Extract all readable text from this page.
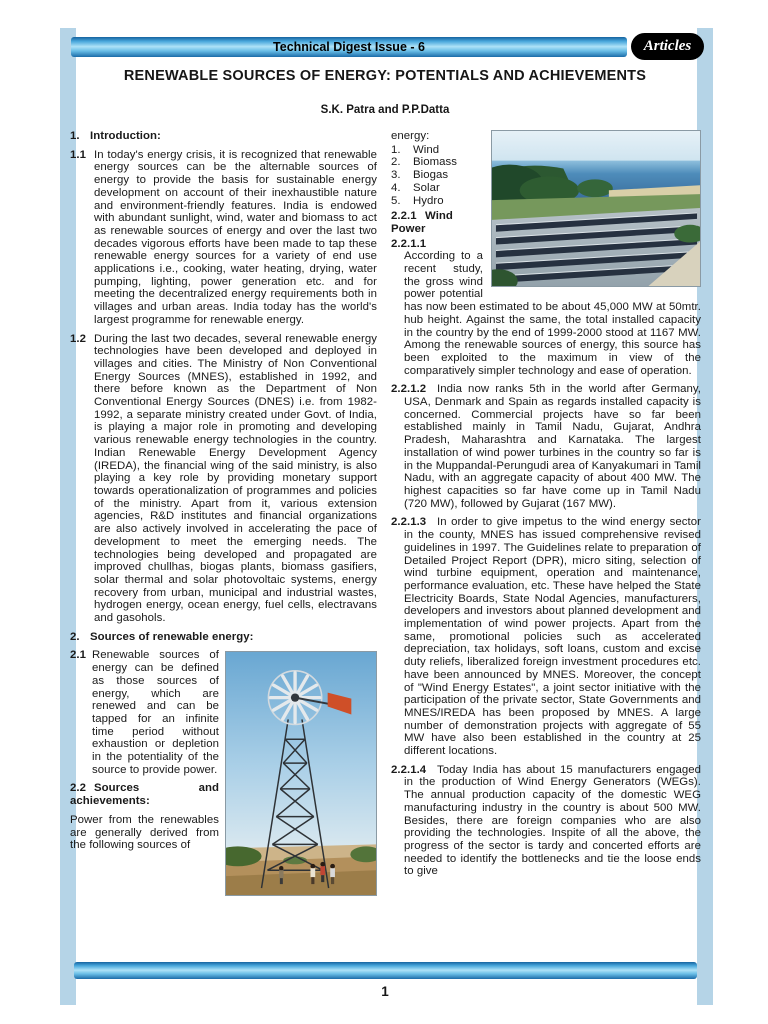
Technical Digest Issue - 6	Articles
RENEWABLE SOURCES OF ENERGY: POTENTIALS AND ACHIEVEMENTS
S.K. Patra and P.P.Datta

1. Introduction:

1.1 In today's energy crisis, it is recognized that renewable energy sources can be the alternable sources of energy to provide the basis for sustainable energy development on account of their inexhaustible nature and environment-friendly features. India is endowed with abundant sunlight, wind, water and biomass to act as renewable sources of energy and over the last two decades vigorous efforts have been made to tap these renewable energy sources for a variety of end use applications i.e., cooking, water heating, drying, water pumping, lighting, power generation etc. and for meeting the decentralized energy requirements both in villages and urban areas. India today has the world's largest programme for renewable energy.

1.2 During the last two decades, several renewable energy technologies have been developed and deployed in villages and cities. The Ministry of Non Conventional Energy Sources (MNES), established in 1992, and there before known as the Department of Non Conventional Energy Sources (DNES) i.e. from 1982-1992, a separate ministry created under Govt. of India, is playing a major role in promoting and developing various renewable energy technologies in the country. Indian Renewable Energy Development Agency (IREDA), the financial wing of the said ministry, is also playing a key role by providing monetary support towards operationalization of programmes and policies of the ministry. Apart from it, various extension agencies, R&D institutes and financial organizations are also actively involved in accelerating the pace of development to meet the emerging needs. The technologies being developed and propagated are improved chullhas, biogas plants, biomass gasifiers, solar thermal and solar photovoltaic systems, energy recovery from urban, municipal and industrial wastes, hydrogen energy, ocean energy, fuel cells, electravans and gasohols.

2. Sources of renewable energy:

2.1 Renewable sources of energy can be defined as those sources of energy, which are renewed and can be tapped for an infinite time period without exhaustion or depletion in the potentiality of the source to provide power.

2.2 Sources and achievements:

Power from the renewables are generally derived from the following sources of

energy:

1. Wind
2. Biomass
3. Biogas
4. Solar
5. Hydro

2.2.1 Wind Power

2.2.1.1According to a recent study, the gross wind power potential has now been estimated to be about 45,000 MW at 50mtr. hub height. Against the same, the total installed capacity in the country by the end of 1999-2000 stood at 1167 MW. Among the renewable sources of energy, this source has been exploited to the maximum in view of the comparatively simpler technology and ease of operation.

2.2.1.2 India now ranks 5th in the world after Germany, USA, Denmark and Spain as regards installed capacity is concerned. Commercial projects have so far been established mainly in Tamil Nadu, Gujarat, Andhra Pradesh, Maharashtra and Karnataka. The largest installation of wind power turbines in the country so far is in the Muppandal-Perungudi area of Kanyakumari in Tamil Nadu, with an aggregate capacity of about 400 MW. The highest capacities so far have come up in Tamil Nadu (720 MW), followed by Gujarat (167 MW).

2.2.1.3 In order to give impetus to the wind energy sector in the county, MNES has issued comprehensive revised guidelines in 1997. The Guidelines relate to preparation of Detailed Project Report (DPR), micro siting, selection of wind turbine equipment, operation and maintenance, performance evaluation, etc. These have helped the State Electricity Boards, State Nodal Agencies, manufacturers, developers and investors about planned development and implementation of wind power projects. Apart from the same, promotional policies such as accelerated depreciation, tax holidays, soft loans, custom and excise duty reliefs, liberalized foreign investment procedures etc. have been announced by MNES. Moreover, the concept of "Wind Energy Estates", a joint sector initiative with the participation of the private sector, State Governments and MNES/IREDA has been proposed by MNES. A large number of demonstration projects with aggregate of 55 MW have also been established in the country at 25 different locations.

2.2.1.4 Today India has about 15 manufacturers engaged in the production of Wind Energy Generators (WEGs). The annual production capacity of the domestic WEG manufacturing industry in the country is about 500 MW. Besides, there are foreign companies who are also providing the technologies. Inspite of all the above, the progress of the sector is tardy and concerted efforts are needed to identify the bottlenecks and tie the loose ends to give

1
